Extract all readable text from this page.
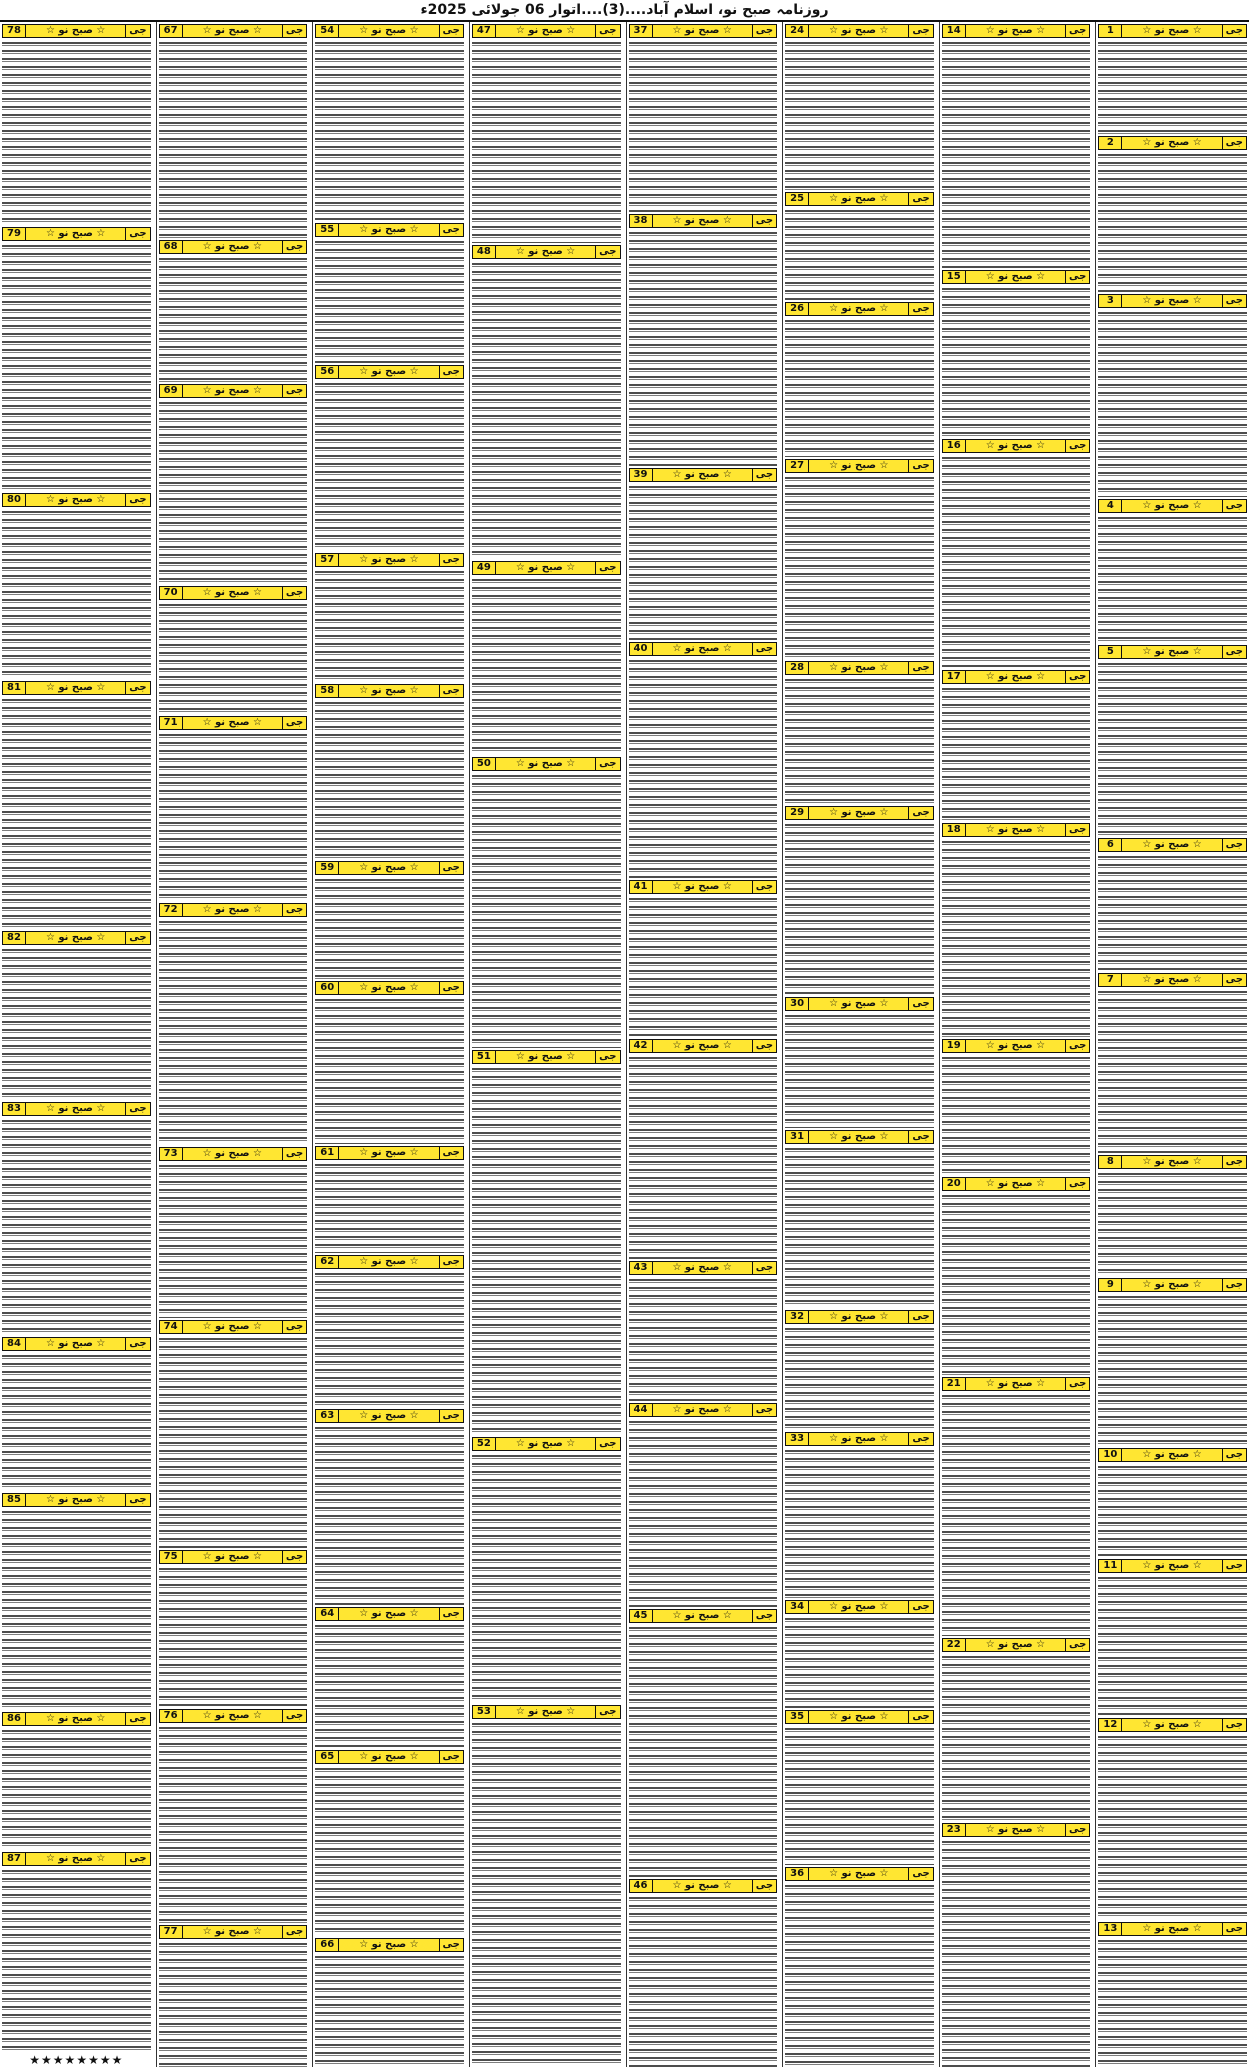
روزنامہ صبح نو، اسلام آباد....(3)....اتوار 06 جولائی 2025ء
1	☆ صبح نو ☆	جی
2	☆ صبح نو ☆	جی
3	☆ صبح نو ☆	جی
4	☆ صبح نو ☆	جی
5	☆ صبح نو ☆	جی
6	☆ صبح نو ☆	جی
7	☆ صبح نو ☆	جی
8	☆ صبح نو ☆	جی
9	☆ صبح نو ☆	جی
10	☆ صبح نو ☆	جی
11	☆ صبح نو ☆	جی
12	☆ صبح نو ☆	جی
13	☆ صبح نو ☆	جی
14	☆ صبح نو ☆	جی
15	☆ صبح نو ☆	جی
16	☆ صبح نو ☆	جی
17	☆ صبح نو ☆	جی
18	☆ صبح نو ☆	جی
19	☆ صبح نو ☆	جی
20	☆ صبح نو ☆	جی
21	☆ صبح نو ☆	جی
22	☆ صبح نو ☆	جی
23	☆ صبح نو ☆	جی
24	☆ صبح نو ☆	جی
25	☆ صبح نو ☆	جی
26	☆ صبح نو ☆	جی
27	☆ صبح نو ☆	جی
28	☆ صبح نو ☆	جی
29	☆ صبح نو ☆	جی
30	☆ صبح نو ☆	جی
31	☆ صبح نو ☆	جی
32	☆ صبح نو ☆	جی
33	☆ صبح نو ☆	جی
34	☆ صبح نو ☆	جی
35	☆ صبح نو ☆	جی
36	☆ صبح نو ☆	جی
37	☆ صبح نو ☆	جی
38	☆ صبح نو ☆	جی
39	☆ صبح نو ☆	جی
40	☆ صبح نو ☆	جی
41	☆ صبح نو ☆	جی
42	☆ صبح نو ☆	جی
43	☆ صبح نو ☆	جی
44	☆ صبح نو ☆	جی
45	☆ صبح نو ☆	جی
46	☆ صبح نو ☆	جی
47	☆ صبح نو ☆	جی
48	☆ صبح نو ☆	جی
49	☆ صبح نو ☆	جی
50	☆ صبح نو ☆	جی
51	☆ صبح نو ☆	جی
52	☆ صبح نو ☆	جی
53	☆ صبح نو ☆	جی
54	☆ صبح نو ☆	جی
55	☆ صبح نو ☆	جی
56	☆ صبح نو ☆	جی
57	☆ صبح نو ☆	جی
58	☆ صبح نو ☆	جی
59	☆ صبح نو ☆	جی
60	☆ صبح نو ☆	جی
61	☆ صبح نو ☆	جی
62	☆ صبح نو ☆	جی
63	☆ صبح نو ☆	جی
64	☆ صبح نو ☆	جی
65	☆ صبح نو ☆	جی
66	☆ صبح نو ☆	جی
67	☆ صبح نو ☆	جی
68	☆ صبح نو ☆	جی
69	☆ صبح نو ☆	جی
70	☆ صبح نو ☆	جی
71	☆ صبح نو ☆	جی
72	☆ صبح نو ☆	جی
73	☆ صبح نو ☆	جی
74	☆ صبح نو ☆	جی
75	☆ صبح نو ☆	جی
76	☆ صبح نو ☆	جی
77	☆ صبح نو ☆	جی
78	☆ صبح نو ☆	جی
79	☆ صبح نو ☆	جی
80	☆ صبح نو ☆	جی
81	☆ صبح نو ☆	جی
82	☆ صبح نو ☆	جی
83	☆ صبح نو ☆	جی
84	☆ صبح نو ☆	جی
85	☆ صبح نو ☆	جی
86	☆ صبح نو ☆	جی
87	☆ صبح نو ☆	جی
★★★★★★★★
